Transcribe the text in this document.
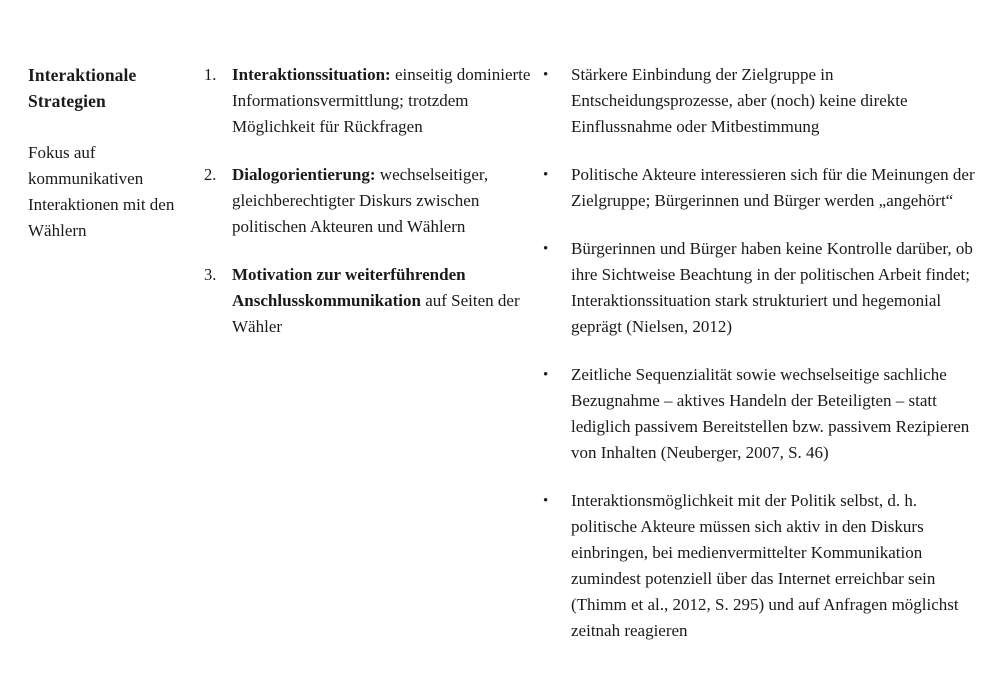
Interaktionale Strategien

Fokus auf kommunikativen Interaktionen mit den Wählern

1. Interaktionssituation: einseitig dominierte Informationsvermittlung; trotzdem Möglichkeit für Rückfragen
2. Dialogorientierung: wechselseitiger, gleichberechtigter Diskurs zwischen politischen Akteuren und Wählern
3. Motivation zur weiterführenden Anschlusskommunikation auf Seiten der Wähler
• Stärkere Einbindung der Zielgruppe in Entscheidungsprozesse, aber (noch) keine direkte Einflussnahme oder Mitbestimmung
• Politische Akteure interessieren sich für die Meinungen der Zielgruppe; Bürgerinnen und Bürger werden „angehört“
• Bürgerinnen und Bürger haben keine Kontrolle darüber, ob ihre Sichtweise Beachtung in der politischen Arbeit findet; Interaktionssituation stark strukturiert und hegemonial geprägt (Nielsen, 2012)
• Zeitliche Sequenzialität sowie wechselseitige sachliche Bezugnahme – aktives Handeln der Beteiligten – statt lediglich passivem Bereitstellen bzw. passivem Rezipieren von Inhalten (Neuberger, 2007, S. 46)
• Interaktionsmöglichkeit mit der Politik selbst, d. h. politische Akteure müssen sich aktiv in den Diskurs einbringen, bei medienvermittelter Kommunikation zumindest potenziell über das Internet erreichbar sein (Thimm et al., 2012, S. 295) und auf Anfragen möglichst zeitnah reagieren
